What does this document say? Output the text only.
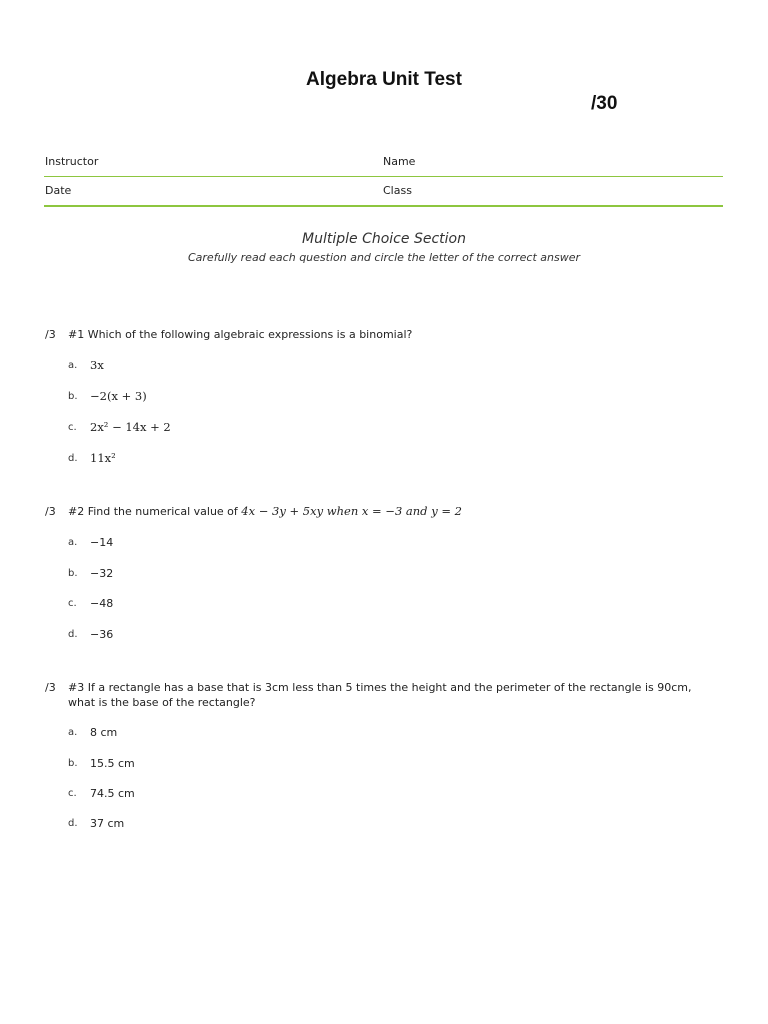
Algebra Unit Test
/30
Instructor	Name
Date	Class
Multiple Choice Section
Carefully read each question and circle the letter of the correct answer
/3 #1 Which of the following algebraic expressions is a binomial?
a. 3x
b. −2(x + 3)
c. 2x² − 14x + 2
d. 11x²
/3 #2 Find the numerical value of 4x − 3y + 5xy when x = −3 and y = 2
a. −14
b. −32
c. −48
d. −36
/3 #3 If a rectangle has a base that is 3cm less than 5 times the height and the perimeter of the rectangle is 90cm,
what is the base of the rectangle?
a. 8 cm
b. 15.5 cm
c. 74.5 cm
d. 37 cm
